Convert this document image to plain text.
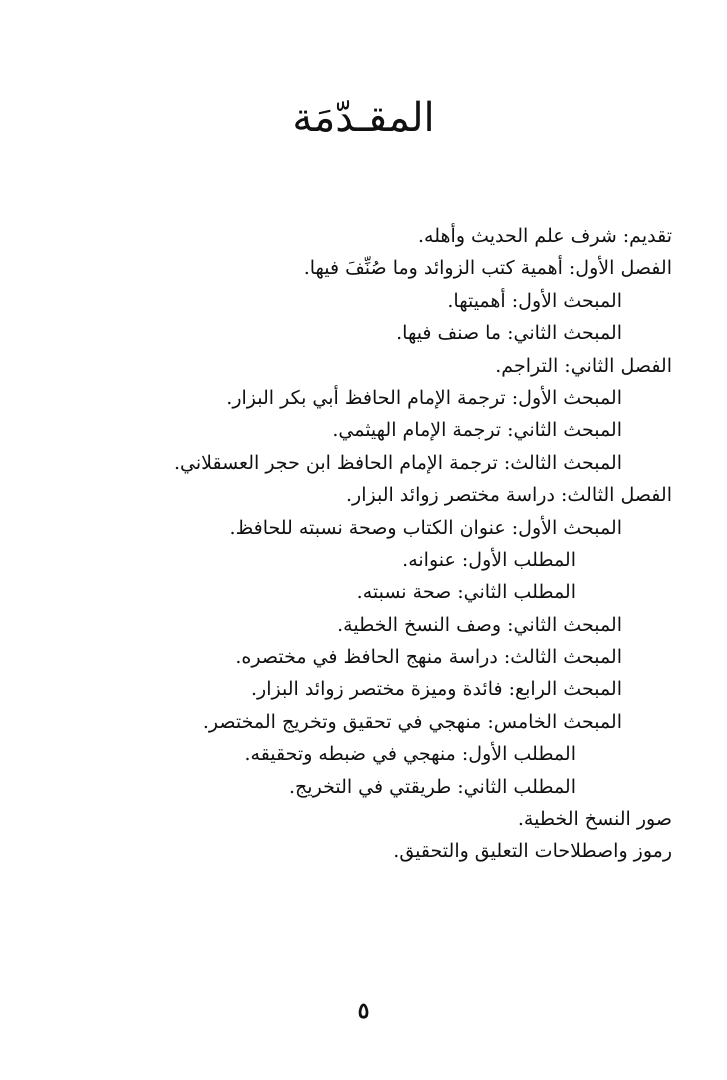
المقـدّمَة
تقديم: شرف علم الحديث وأهله.
الفصل الأول: أهمية كتب الزوائد وما صُنِّفَ فيها.
المبحث الأول: أهميتها.
المبحث الثاني: ما صنف فيها.
الفصل الثاني: التراجم.
المبحث الأول: ترجمة الإمام الحافظ أبي بكر البزار.
المبحث الثاني: ترجمة الإمام الهيثمي.
المبحث الثالث: ترجمة الإمام الحافظ ابن حجر العسقلاني.
الفصل الثالث: دراسة مختصر زوائد البزار.
المبحث الأول: عنوان الكتاب وصحة نسبته للحافظ.
المطلب الأول: عنوانه.
المطلب الثاني: صحة نسبته.
المبحث الثاني: وصف النسخ الخطية.
المبحث الثالث: دراسة منهج الحافظ في مختصره.
المبحث الرابع: فائدة وميزة مختصر زوائد البزار.
المبحث الخامس: منهجي في تحقيق وتخريج المختصر.
المطلب الأول: منهجي في ضبطه وتحقيقه.
المطلب الثاني: طريقتي في التخريج.
صور النسخ الخطية.
رموز واصطلاحات التعليق والتحقيق.
٥
